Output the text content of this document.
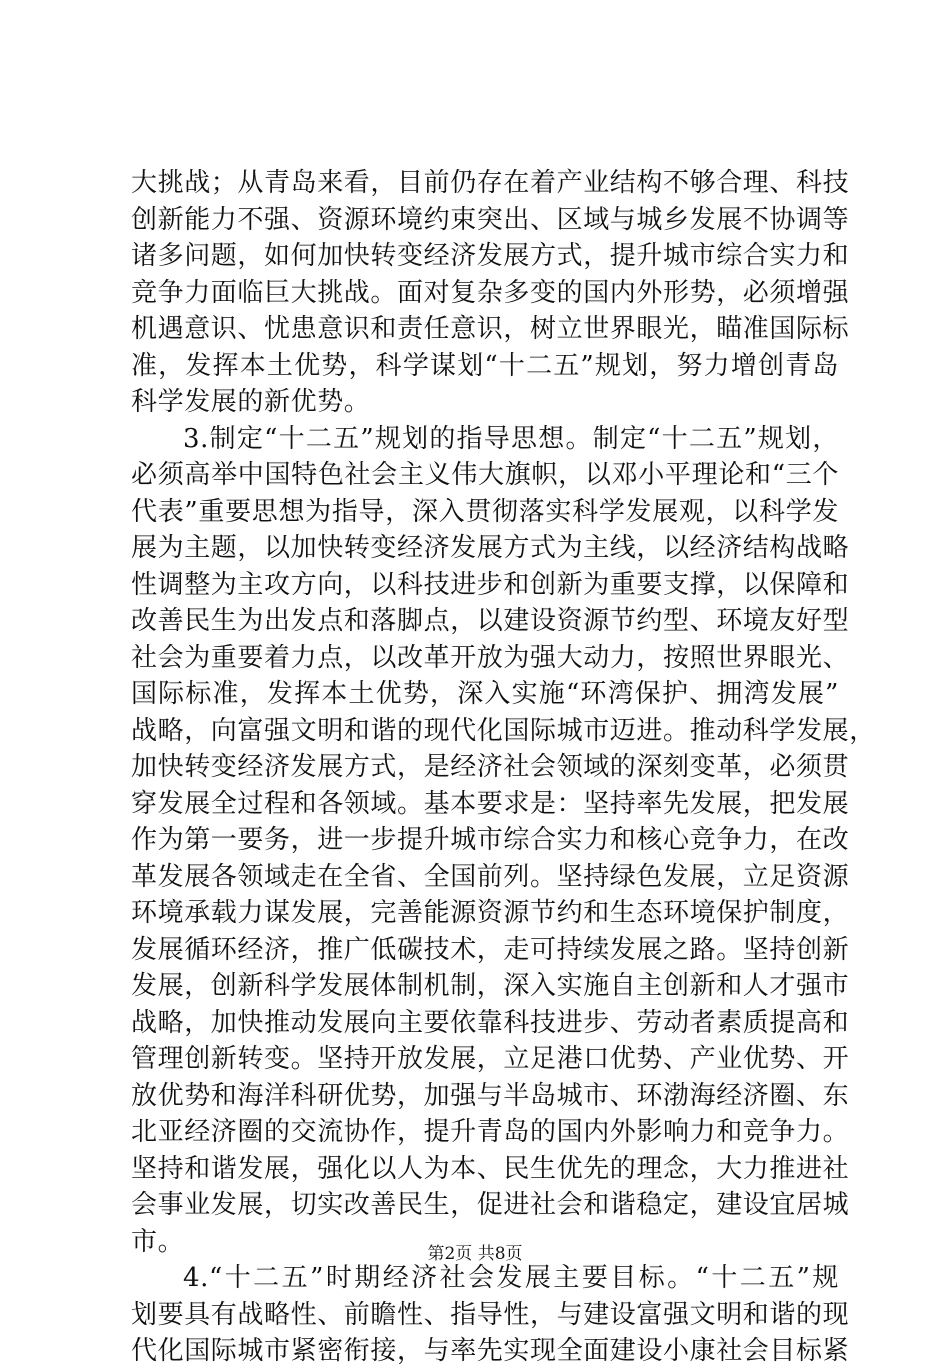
大挑战；从青岛来看，目前仍存在着产业结构不够合理、科技
创新能力不强、资源环境约束突出、区域与城乡发展不协调等
诸多问题，如何加快转变经济发展方式，提升城市综合实力和
竞争力面临巨大挑战。面对复杂多变的国内外形势，必须增强
机遇意识、忧患意识和责任意识，树立世界眼光，瞄准国际标
准，发挥本土优势，科学谋划“十二五”规划，努力增创青岛
科学发展的新优势。
3.制定“十二五”规划的指导思想。制定“十二五”规划，
必须高举中国特色社会主义伟大旗帜，以邓小平理论和“三个
代表”重要思想为指导，深入贯彻落实科学发展观，以科学发
展为主题，以加快转变经济发展方式为主线，以经济结构战略
性调整为主攻方向，以科技进步和创新为重要支撑，以保障和
改善民生为出发点和落脚点，以建设资源节约型、环境友好型
社会为重要着力点，以改革开放为强大动力，按照世界眼光、
国际标准，发挥本土优势，深入实施“环湾保护、拥湾发展”
战略，向富强文明和谐的现代化国际城市迈进。推动科学发展，
加快转变经济发展方式，是经济社会领域的深刻变革，必须贯
穿发展全过程和各领域。基本要求是：坚持率先发展，把发展
作为第一要务，进一步提升城市综合实力和核心竞争力，在改
革发展各领域走在全省、全国前列。坚持绿色发展，立足资源
环境承载力谋发展，完善能源资源节约和生态环境保护制度，
发展循环经济，推广低碳技术，走可持续发展之路。坚持创新
发展，创新科学发展体制机制，深入实施自主创新和人才强市
战略，加快推动发展向主要依靠科技进步、劳动者素质提高和
管理创新转变。坚持开放发展，立足港口优势、产业优势、开
放优势和海洋科研优势，加强与半岛城市、环渤海经济圈、东
北亚经济圈的交流协作，提升青岛的国内外影响力和竞争力。
坚持和谐发展，强化以人为本、民生优先的理念，大力推进社
会事业发展，切实改善民生，促进社会和谐稳定，建设宜居城
市。
4.“十二五”时期经济社会发展主要目标。“十二五”规
划要具有战略性、前瞻性、指导性，与建设富强文明和谐的现
代化国际城市紧密衔接，与率先实现全面建设小康社会目标紧
第2页 共8页
